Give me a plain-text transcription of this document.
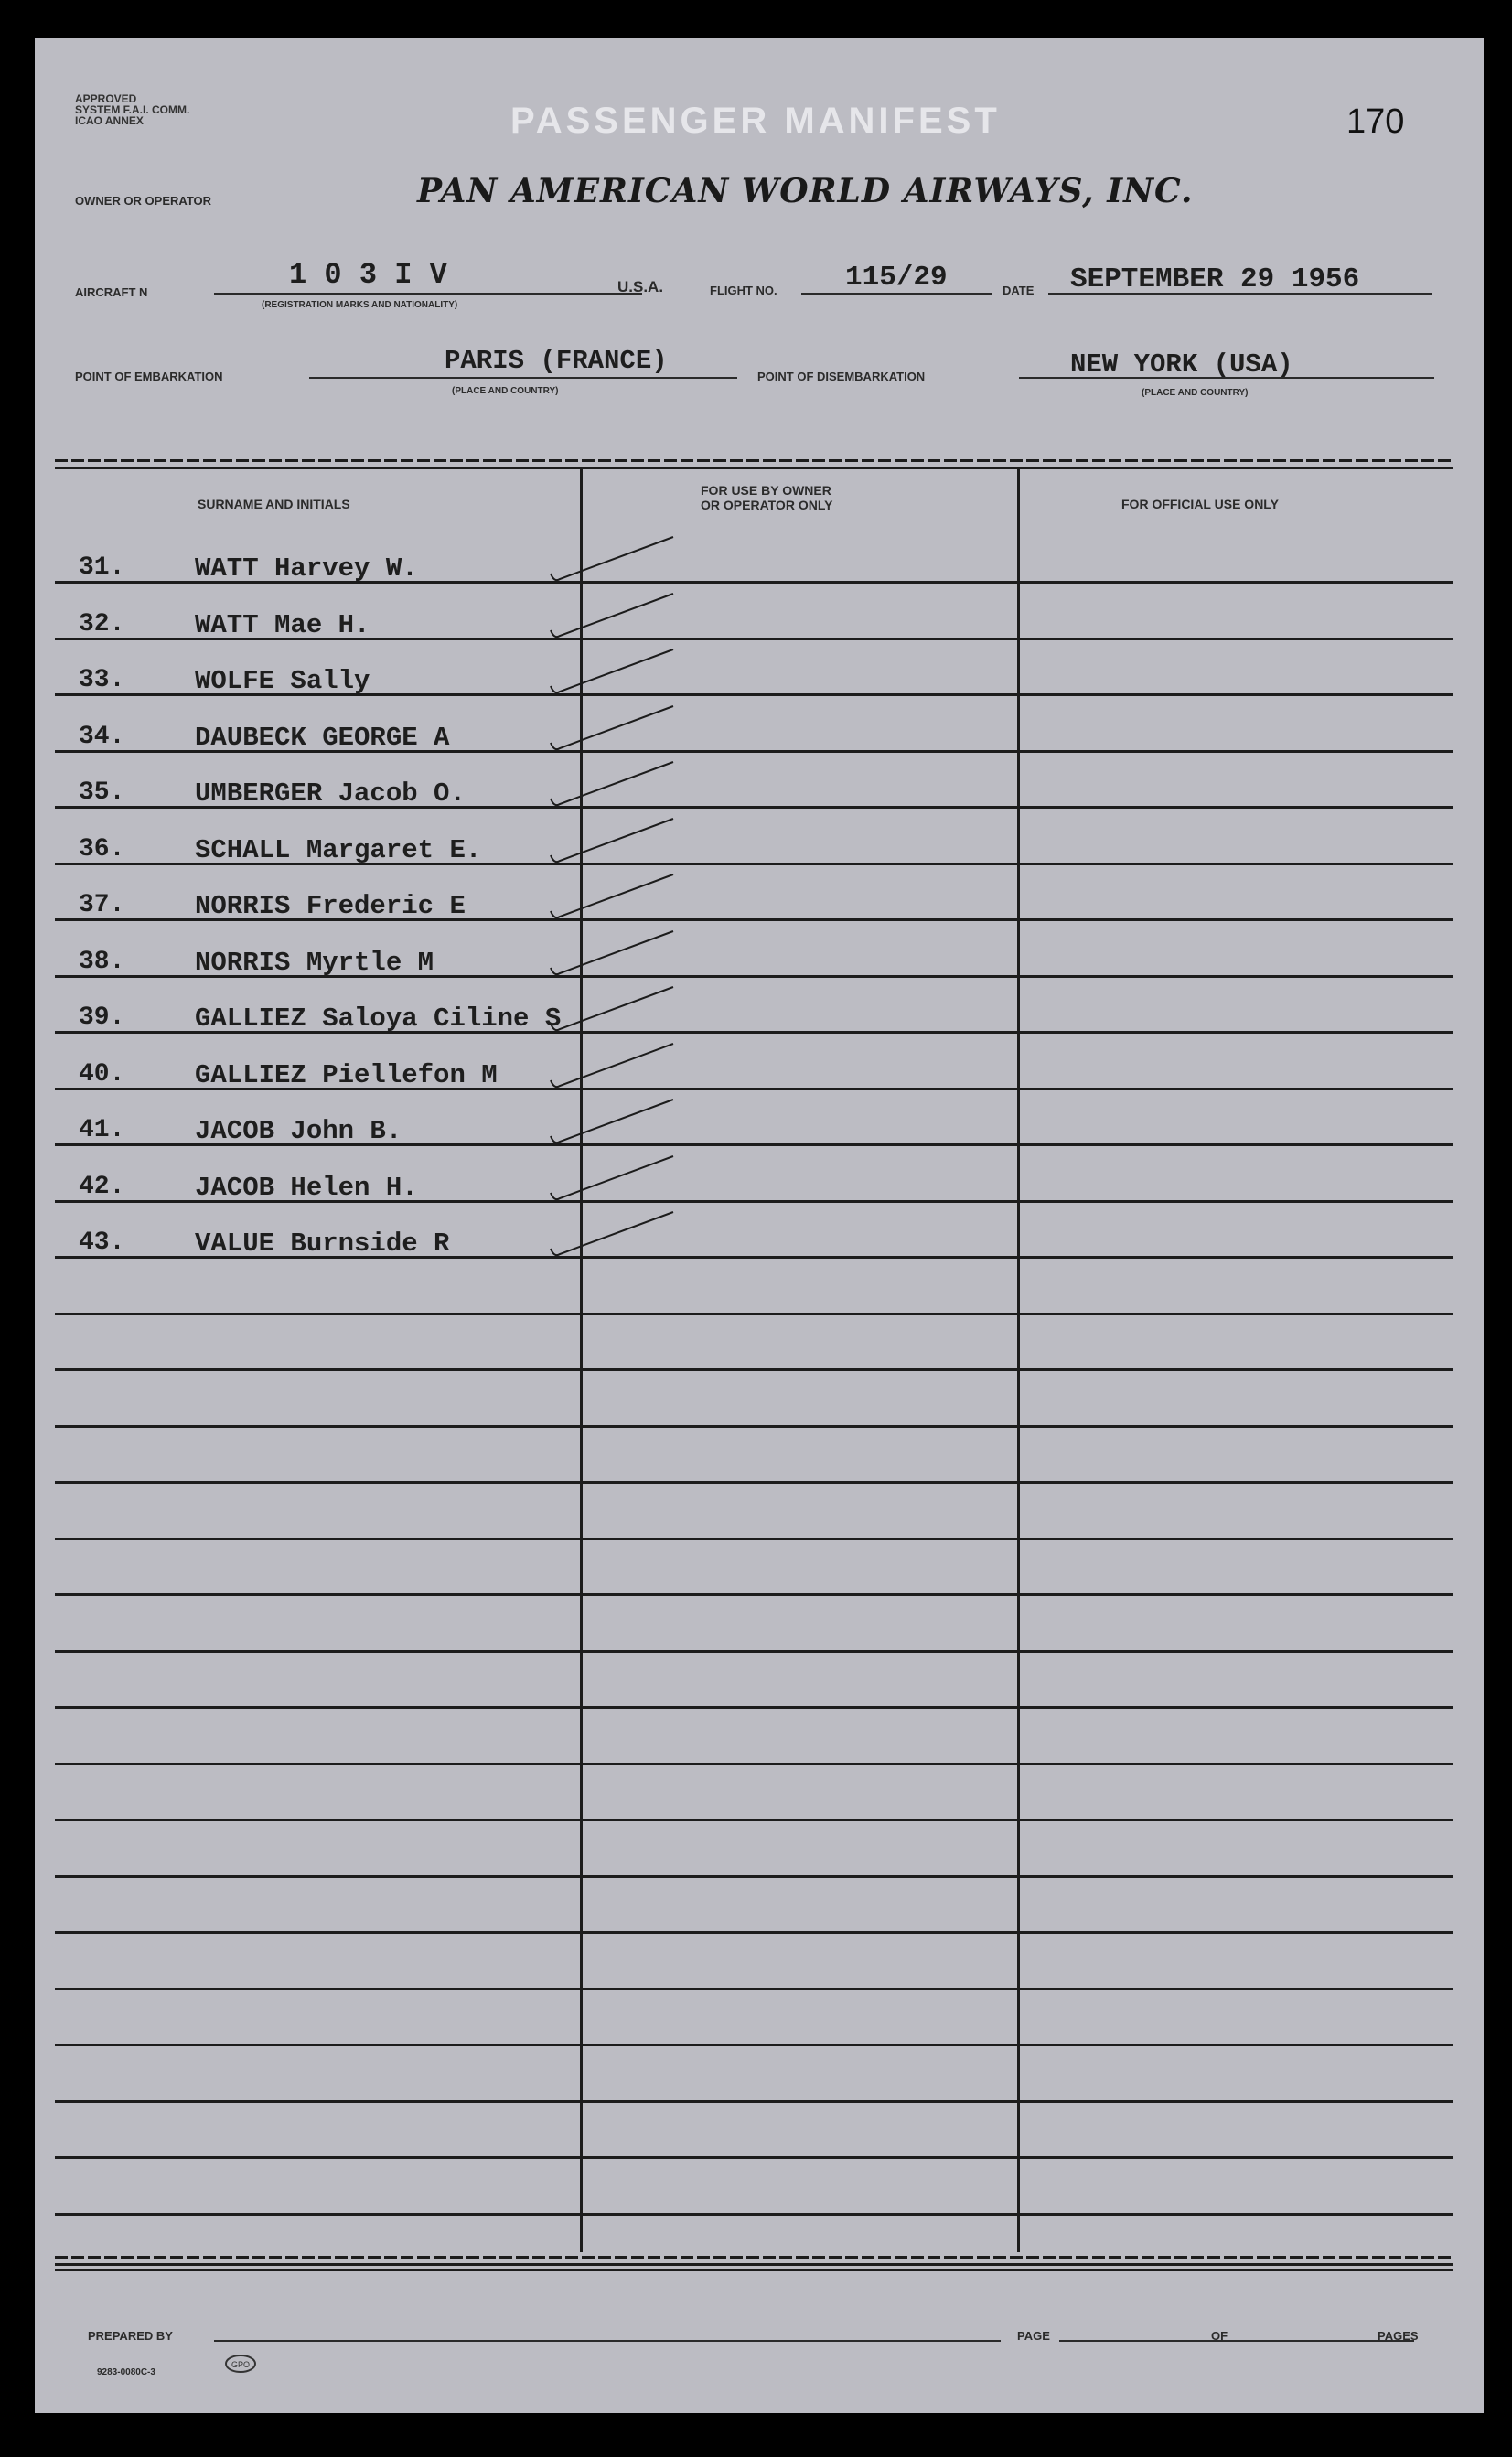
APPROVED
SYSTEM F.A.I. COMM.
ICAO ANNEX	PASSENGER MANIFEST	170
OWNER OR OPERATOR	PAN AMERICAN WORLD AIRWAYS, INC.
AIRCRAFT N
1 0 3 I V
(REGISTRATION MARKS AND NATIONALITY)
U.S.A.	FLIGHT NO. 115/29	DATE SEPTEMBER 29 1956
POINT OF EMBARKATION
PARIS (FRANCE)
(PLACE AND COUNTRY)
POINT OF DISEMBARKATION	NEW YORK (USA)
(PLACE AND COUNTRY)
SURNAME AND INITIALS
FOR USE BY OWNER
OR OPERATOR ONLY	FOR OFFICIAL USE ONLY
31.	WATT Harvey W.
32.	WATT Mae H.
33.	WOLFE Sally
34.	DAUBECK GEORGE A
35.	UMBERGER Jacob O.
36.	SCHALL Margaret E.
37.	NORRIS Frederic E
38.	NORRIS Myrtle M
39.	GALLIEZ Saloya Ciline S
40.	GALLIEZ Piellefon M
41.	JACOB John B.
42.	JACOB Helen H.
43.	VALUE Burnside R
PREPARED BY
9283-0080C-3
GPO
PAGE	OF	PAGES
